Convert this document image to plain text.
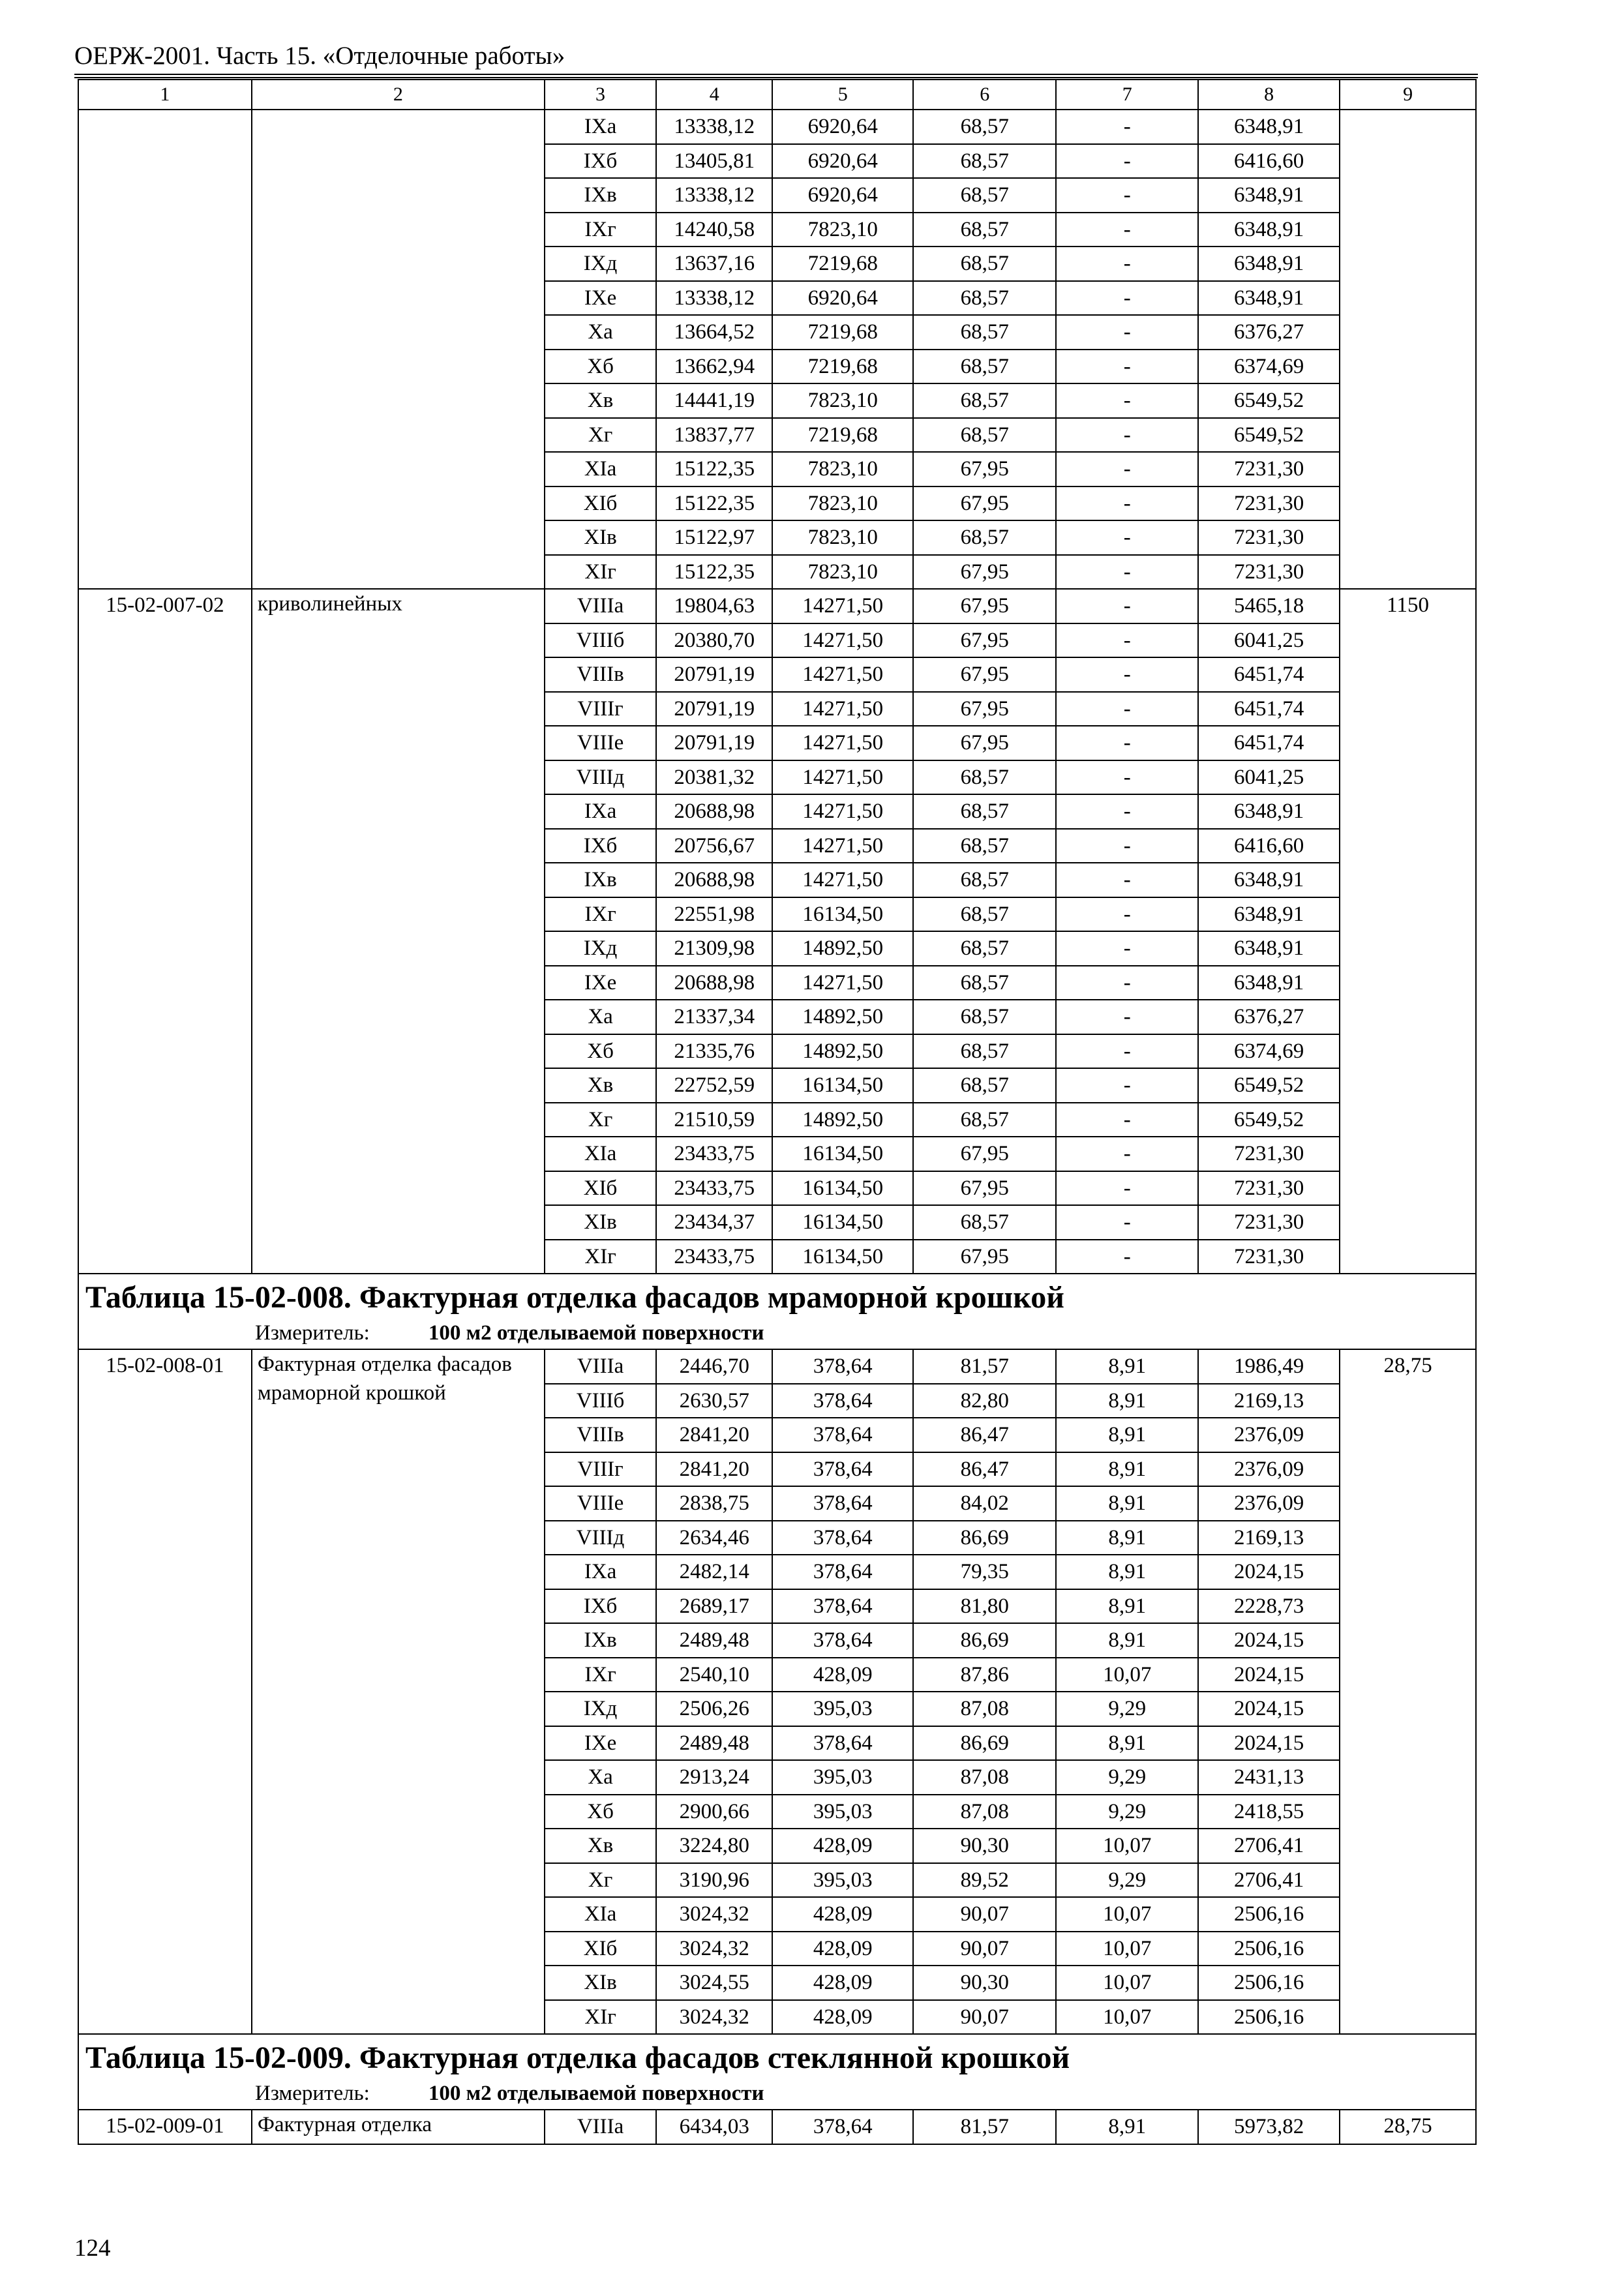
ОЕРЖ-2001. Часть 15. «Отделочные работы»
1	2	3	4	5	6	7	8	9
		IXa	13338,12	6920,64	68,57	-	6348,91	
		IXб	13405,81	6920,64	68,57	-	6416,60	
		IXв	13338,12	6920,64	68,57	-	6348,91	
		IXг	14240,58	7823,10	68,57	-	6348,91	
		IXд	13637,16	7219,68	68,57	-	6348,91	
		IXe	13338,12	6920,64	68,57	-	6348,91	
		Xa	13664,52	7219,68	68,57	-	6376,27	
		Xб	13662,94	7219,68	68,57	-	6374,69	
		Xв	14441,19	7823,10	68,57	-	6549,52	
		Xг	13837,77	7219,68	68,57	-	6549,52	
		XIa	15122,35	7823,10	67,95	-	7231,30	
		XIб	15122,35	7823,10	67,95	-	7231,30	
		XIв	15122,97	7823,10	68,57	-	7231,30	
		XIг	15122,35	7823,10	67,95	-	7231,30	
15-02-007-02	криволинейных	VIIIa	19804,63	14271,50	67,95	-	5465,18	1150
		VIIIб	20380,70	14271,50	67,95	-	6041,25	
		VIIIв	20791,19	14271,50	67,95	-	6451,74	
		VIIIг	20791,19	14271,50	67,95	-	6451,74	
		VIIIe	20791,19	14271,50	67,95	-	6451,74	
		VIIIд	20381,32	14271,50	68,57	-	6041,25	
		IXa	20688,98	14271,50	68,57	-	6348,91	
		IXб	20756,67	14271,50	68,57	-	6416,60	
		IXв	20688,98	14271,50	68,57	-	6348,91	
		IXг	22551,98	16134,50	68,57	-	6348,91	
		IXд	21309,98	14892,50	68,57	-	6348,91	
		IXe	20688,98	14271,50	68,57	-	6348,91	
		Xa	21337,34	14892,50	68,57	-	6376,27	
		Xб	21335,76	14892,50	68,57	-	6374,69	
		Xв	22752,59	16134,50	68,57	-	6549,52	
		Xг	21510,59	14892,50	68,57	-	6549,52	
		XIa	23433,75	16134,50	67,95	-	7231,30	
		XIб	23433,75	16134,50	67,95	-	7231,30	
		XIв	23434,37	16134,50	68,57	-	7231,30	
		XIг	23433,75	16134,50	67,95	-	7231,30	

Таблица 15-02-008. Фактурная отделка фасадов мраморной крошкой
Измеритель: 100 м2 отделываемой поверхности								

15-02-008-01	Фактурная отделка фасадов мраморной крошкой	VIIIa	2446,70	378,64	81,57	8,91	1986,49	28,75
		VIIIб	2630,57	378,64	82,80	8,91	2169,13	
		VIIIв	2841,20	378,64	86,47	8,91	2376,09	
		VIIIг	2841,20	378,64	86,47	8,91	2376,09	
		VIIIe	2838,75	378,64	84,02	8,91	2376,09	
		VIIIд	2634,46	378,64	86,69	8,91	2169,13	
		IXa	2482,14	378,64	79,35	8,91	2024,15	
		IXб	2689,17	378,64	81,80	8,91	2228,73	
		IXв	2489,48	378,64	86,69	8,91	2024,15	
		IXг	2540,10	428,09	87,86	10,07	2024,15	
		IXд	2506,26	395,03	87,08	9,29	2024,15	
		IXe	2489,48	378,64	86,69	8,91	2024,15	
		Xa	2913,24	395,03	87,08	9,29	2431,13	
		Xб	2900,66	395,03	87,08	9,29	2418,55	
		Xв	3224,80	428,09	90,30	10,07	2706,41	
		Xг	3190,96	395,03	89,52	9,29	2706,41	
		XIa	3024,32	428,09	90,07	10,07	2506,16	
		XIб	3024,32	428,09	90,07	10,07	2506,16	
		XIв	3024,55	428,09	90,30	10,07	2506,16	
		XIг	3024,32	428,09	90,07	10,07	2506,16	

Таблица 15-02-009. Фактурная отделка фасадов стеклянной крошкой
Измеритель: 100 м2 отделываемой поверхности								

15-02-009-01	Фактурная отделка	VIIIa	6434,03	378,64	81,57	8,91	5973,82	28,75
124
